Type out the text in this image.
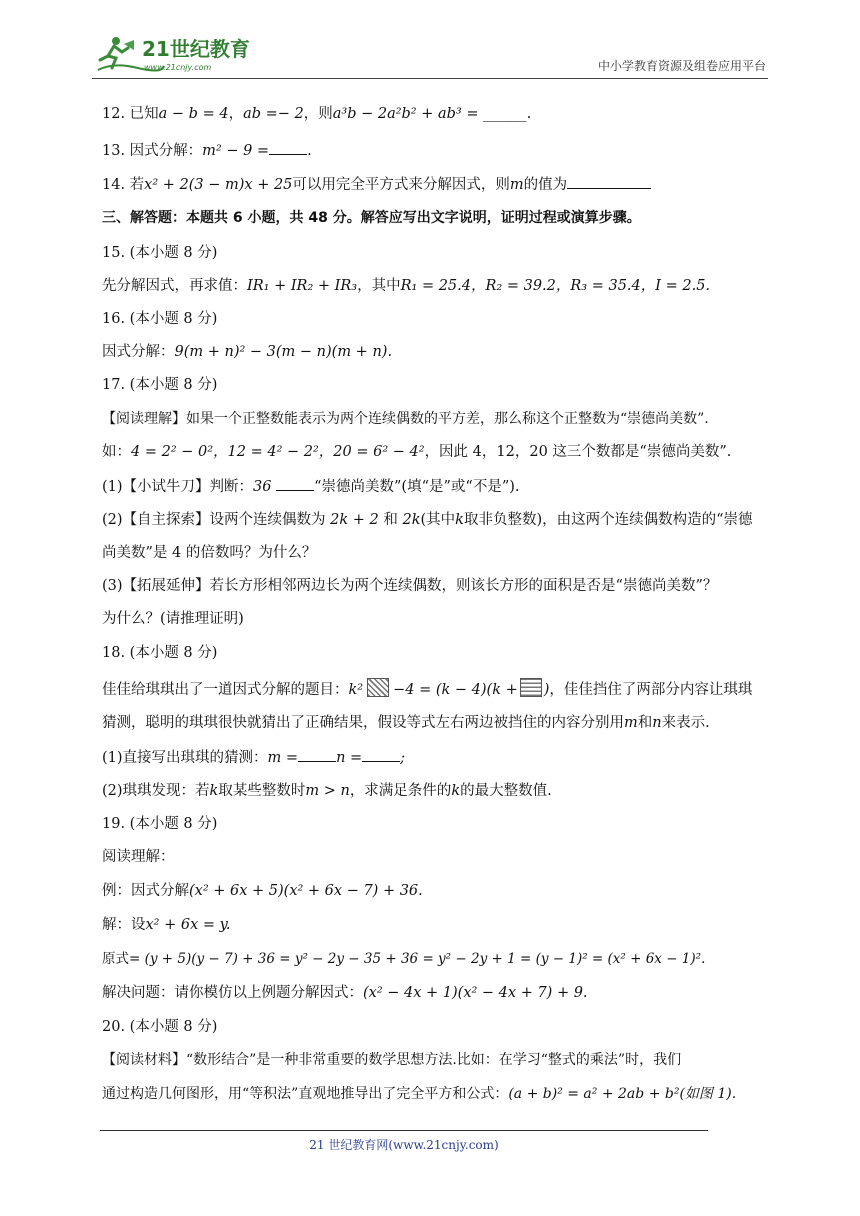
21世纪教育
www.21cnjy.com	中小学教育资源及组卷应用平台
12. 已知a − b = 4，ab =− 2，则a³b − 2a²b² + ab³ = ______.
13. 因式分解：m² − 9 =	.
14. 若x² + 2(3 − m)x + 25可以用完全平方式来分解因式，则m的值为
三、解答题：本题共 6 小题，共 48 分。解答应写出文字说明，证明过程或演算步骤。
15. (本小题 8 分)
先分解因式，再求值：IR₁ + IR₂ + IR₃，其中R₁ = 25.4，R₂ = 39.2，R₃ = 35.4，I = 2.5.
16. (本小题 8 分)
因式分解：9(m + n)² − 3(m − n)(m + n).
17. (本小题 8 分)
【阅读理解】如果一个正整数能表示为两个连续偶数的平方差，那么称这个正整数为“崇德尚美数”.
如：4 = 2² − 0²，12 = 4² − 2²，20 = 6² − 4²，因此 4，12，20 这三个数都是“崇德尚美数”.
(1)【小试牛刀】判断：36	“崇德尚美数”(填“是”或“不是”).
(2)【自主探索】设两个连续偶数为 2k + 2 和 2k(其中k取非负整数)，由这两个连续偶数构造的“崇德
尚美数”是 4 的倍数吗？为什么？
(3)【拓展延伸】若长方形相邻两边长为两个连续偶数，则该长方形的面积是否是“崇德尚美数”？
为什么？(请推理证明)
18. (本小题 8 分)
佳佳给琪琪出了一道因式分解的题目：k² −4 = (k − 4)(k + )，佳佳挡住了两部分内容让琪琪
猜测，聪明的琪琪很快就猜出了正确结果，假设等式左右两边被挡住的内容分别用m和n来表示.
(1)直接写出琪琪的猜测：m =	n =	;
(2)琪琪发现：若k取某些整数时m > n，求满足条件的k的最大整数值.
19. (本小题 8 分)
阅读理解：
例：因式分解(x² + 6x + 5)(x² + 6x − 7) + 36.
解：设x² + 6x = y.
原式= (y + 5)(y − 7) + 36 = y² − 2y − 35 + 36 = y² − 2y + 1 = (y − 1)² = (x² + 6x − 1)².
解决问题：请你模仿以上例题分解因式：(x² − 4x + 1)(x² − 4x + 7) + 9.
20. (本小题 8 分)
【阅读材料】“数形结合”是一种非常重要的数学思想方法.比如：在学习“整式的乘法”时，我们
通过构造几何图形，用“等积法”直观地推导出了完全平方和公式：(a + b)² = a² + 2ab + b²(如图 1).
21 世纪教育网(www.21cnjy.com)
